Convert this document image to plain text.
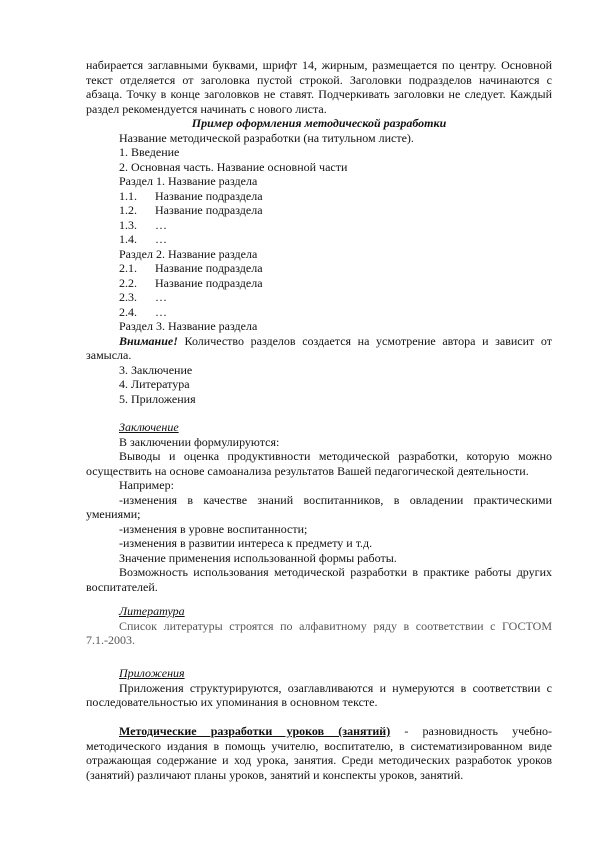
набирается заглавными буквами, шрифт 14, жирным, размещается по центру. Основной текст отделяется от заголовка пустой строкой. Заголовки подразделов начинаются с абзаца. Точку в конце заголовков не ставят. Подчеркивать заголовки не следует. Каждый раздел рекомендуется начинать с нового листа.

Пример оформления методической разработки

Название методической разработки (на титульном листе).

1. Введение

2. Основная часть. Название основной части

Раздел 1. Название раздела

1.1.	Название подраздела
1.2.	Название подраздела
1.3.	…
1.4.	…

Раздел 2. Название раздела

2.1.	Название подраздела
2.2.	Название подраздела
2.3.	…
2.4.	…

Раздел 3. Название раздела

Внимание! Количество разделов создается на усмотрение автора и зависит от замысла.

3. Заключение

4. Литература

5. Приложения

Заключение

В заключении формулируются:

Выводы и оценка продуктивности методической разработки, которую можно осуществить на основе самоанализа результатов Вашей педагогической деятельности.

Например:

-изменения в качестве знаний воспитанников, в овладении практическими умениями;

-изменения в уровне воспитанности;

-изменения в развитии интереса к предмету и т.д.

Значение применения использованной формы работы.

Возможность использования методической разработки в практике работы других воспитателей.

Литература

Список литературы строятся по алфавитному ряду в соответствии с ГОСТОМ 7.1.-2003.

Приложения

Приложения структурируются, озаглавливаются и нумеруются в соответствии с последовательностью их упоминания в основном тексте.

Методические разработки уроков (занятий) - разновидность учебно-методического издания в помощь учителю, воспитателю, в систематизированном виде отражающая содержание и ход урока, занятия. Среди методических разработок уроков (занятий) различают планы уроков, занятий и конспекты уроков, занятий.
